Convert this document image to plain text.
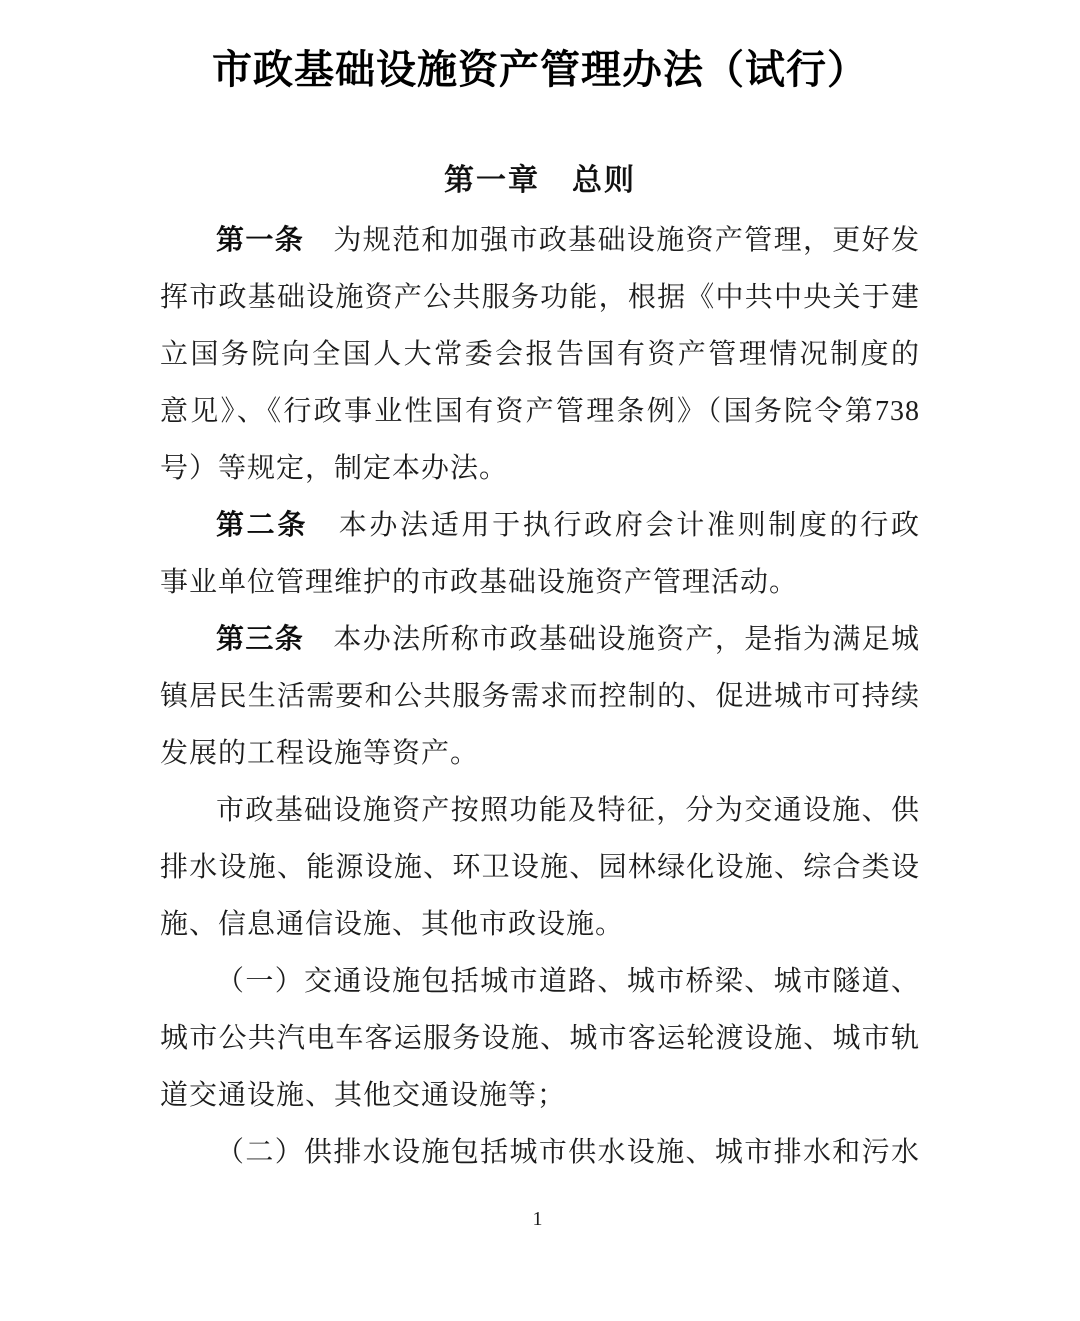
市政基础设施资产管理办法（试行）
第一章　总则
第一条　为规范和加强市政基础设施资产管理，更好发
挥市政基础设施资产公共服务功能，根据《中共中央关于建
立国务院向全国人大常委会报告国有资产管理情况制度的
意见》、《行政事业性国有资产管理条例》（国务院令第738
号）等规定，制定本办法。
第二条　本办法适用于执行政府会计准则制度的行政
事业单位管理维护的市政基础设施资产管理活动。
第三条　本办法所称市政基础设施资产，是指为满足城
镇居民生活需要和公共服务需求而控制的、促进城市可持续
发展的工程设施等资产。
市政基础设施资产按照功能及特征，分为交通设施、供
排水设施、能源设施、环卫设施、园林绿化设施、综合类设
施、信息通信设施、其他市政设施。
（一）交通设施包括城市道路、城市桥梁、城市隧道、
城市公共汽电车客运服务设施、城市客运轮渡设施、城市轨
道交通设施、其他交通设施等；
（二）供排水设施包括城市供水设施、城市排水和污水
1
